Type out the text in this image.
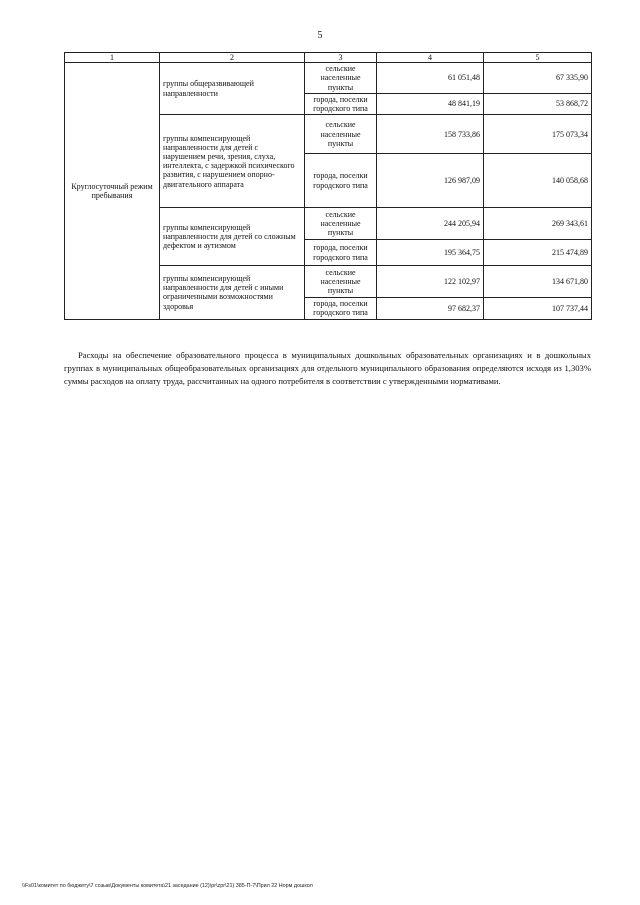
5
1	2	3	4	5
Круглосуточный режим пребывания	группы общеразвивающей направленности	сельские населенные пункты	61 051,48	67 335,90
		города, поселки городского типа	48 841,19	53 868,72
	группы компенсирующей направленности для детей с нарушением речи, зрения, слуха, интеллекта, с задержкой психического развития, с нарушением опорно-двигательного аппарата	сельские населенные пункты	158 733,86	175 073,34
		города, поселки городского типа	126 987,09	140 058,68
	группы компенсирующей направленности для детей со сложным дефектом и аутизмом	сельские населенные пункты	244 205,94	269 343,61
		города, поселки городского типа	195 364,75	215 474,89
	группы компенсирующей направленности для детей с иными ограниченными возможностями здоровья	сельские населенные пункты	122 102,97	134 671,80
		города, поселки городского типа	97 682,37	107 737,44

Расходы на обеспечение образовательного процесса в муниципальных дошкольных образовательных организациях и в дошкольных группах в муниципальных общеобразовательных организациях для отдельного муниципального образования определяются исходя из 1,303% суммы расходов на оплату труда, рассчитанных на одного потребителя в соответствии с утвержденными нормативами.

\\Fs01\комитет по бюджету\7 созыв\Документы комитета\21 заседание (12)\pr\zpr\21) 385-П-7\Прил 22 Норм дошкол
